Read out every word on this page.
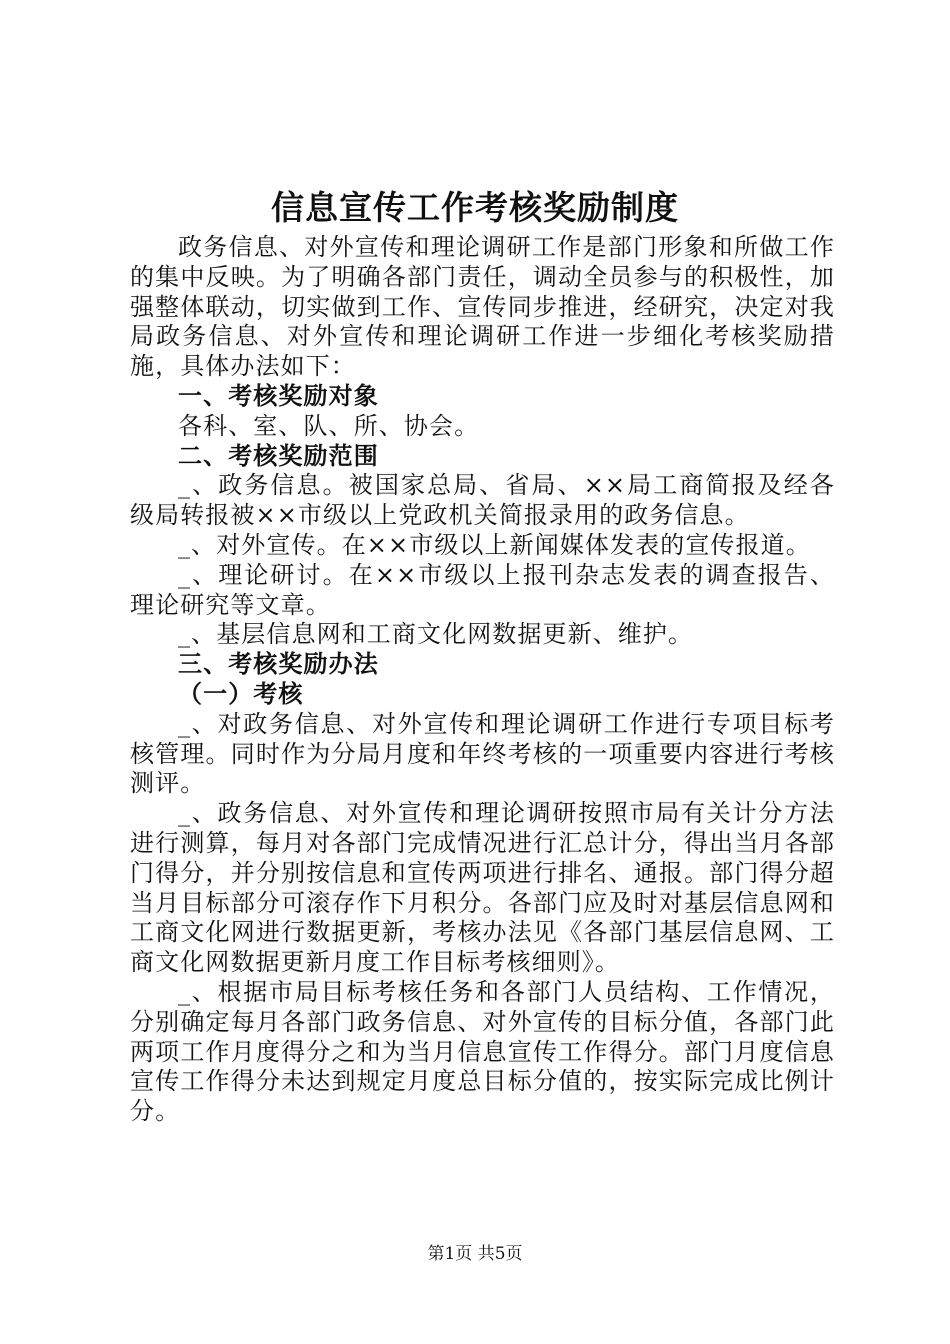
信息宣传工作考核奖励制度

政务信息、对外宣传和理论调研工作是部门形象和所做工作的集中反映。为了明确各部门责任，调动全员参与的积极性，加强整体联动，切实做到工作、宣传同步推进，经研究，决定对我局政务信息、对外宣传和理论调研工作进一步细化考核奖励措施，具体办法如下：

一、考核奖励对象

各科、室、队、所、协会。

二、考核奖励范围

_、政务信息。被国家总局、省局、××局工商简报及经各级局转报被××市级以上党政机关简报录用的政务信息。

_、对外宣传。在××市级以上新闻媒体发表的宣传报道。

_、理论研讨。在××市级以上报刊杂志发表的调查报告、理论研究等文章。

_、基层信息网和工商文化网数据更新、维护。

三、考核奖励办法

（一）考核

_、对政务信息、对外宣传和理论调研工作进行专项目标考核管理。同时作为分局月度和年终考核的一项重要内容进行考核测评。

_、政务信息、对外宣传和理论调研按照市局有关计分方法进行测算，每月对各部门完成情况进行汇总计分，得出当月各部门得分，并分别按信息和宣传两项进行排名、通报。部门得分超当月目标部分可滚存作下月积分。各部门应及时对基层信息网和工商文化网进行数据更新，考核办法见《各部门基层信息网、工商文化网数据更新月度工作目标考核细则》。

_、根据市局目标考核任务和各部门人员结构、工作情况，分别确定每月各部门政务信息、对外宣传的目标分值，各部门此两项工作月度得分之和为当月信息宣传工作得分。部门月度信息宣传工作得分未达到规定月度总目标分值的，按实际完成比例计分。

第1页 共5页
